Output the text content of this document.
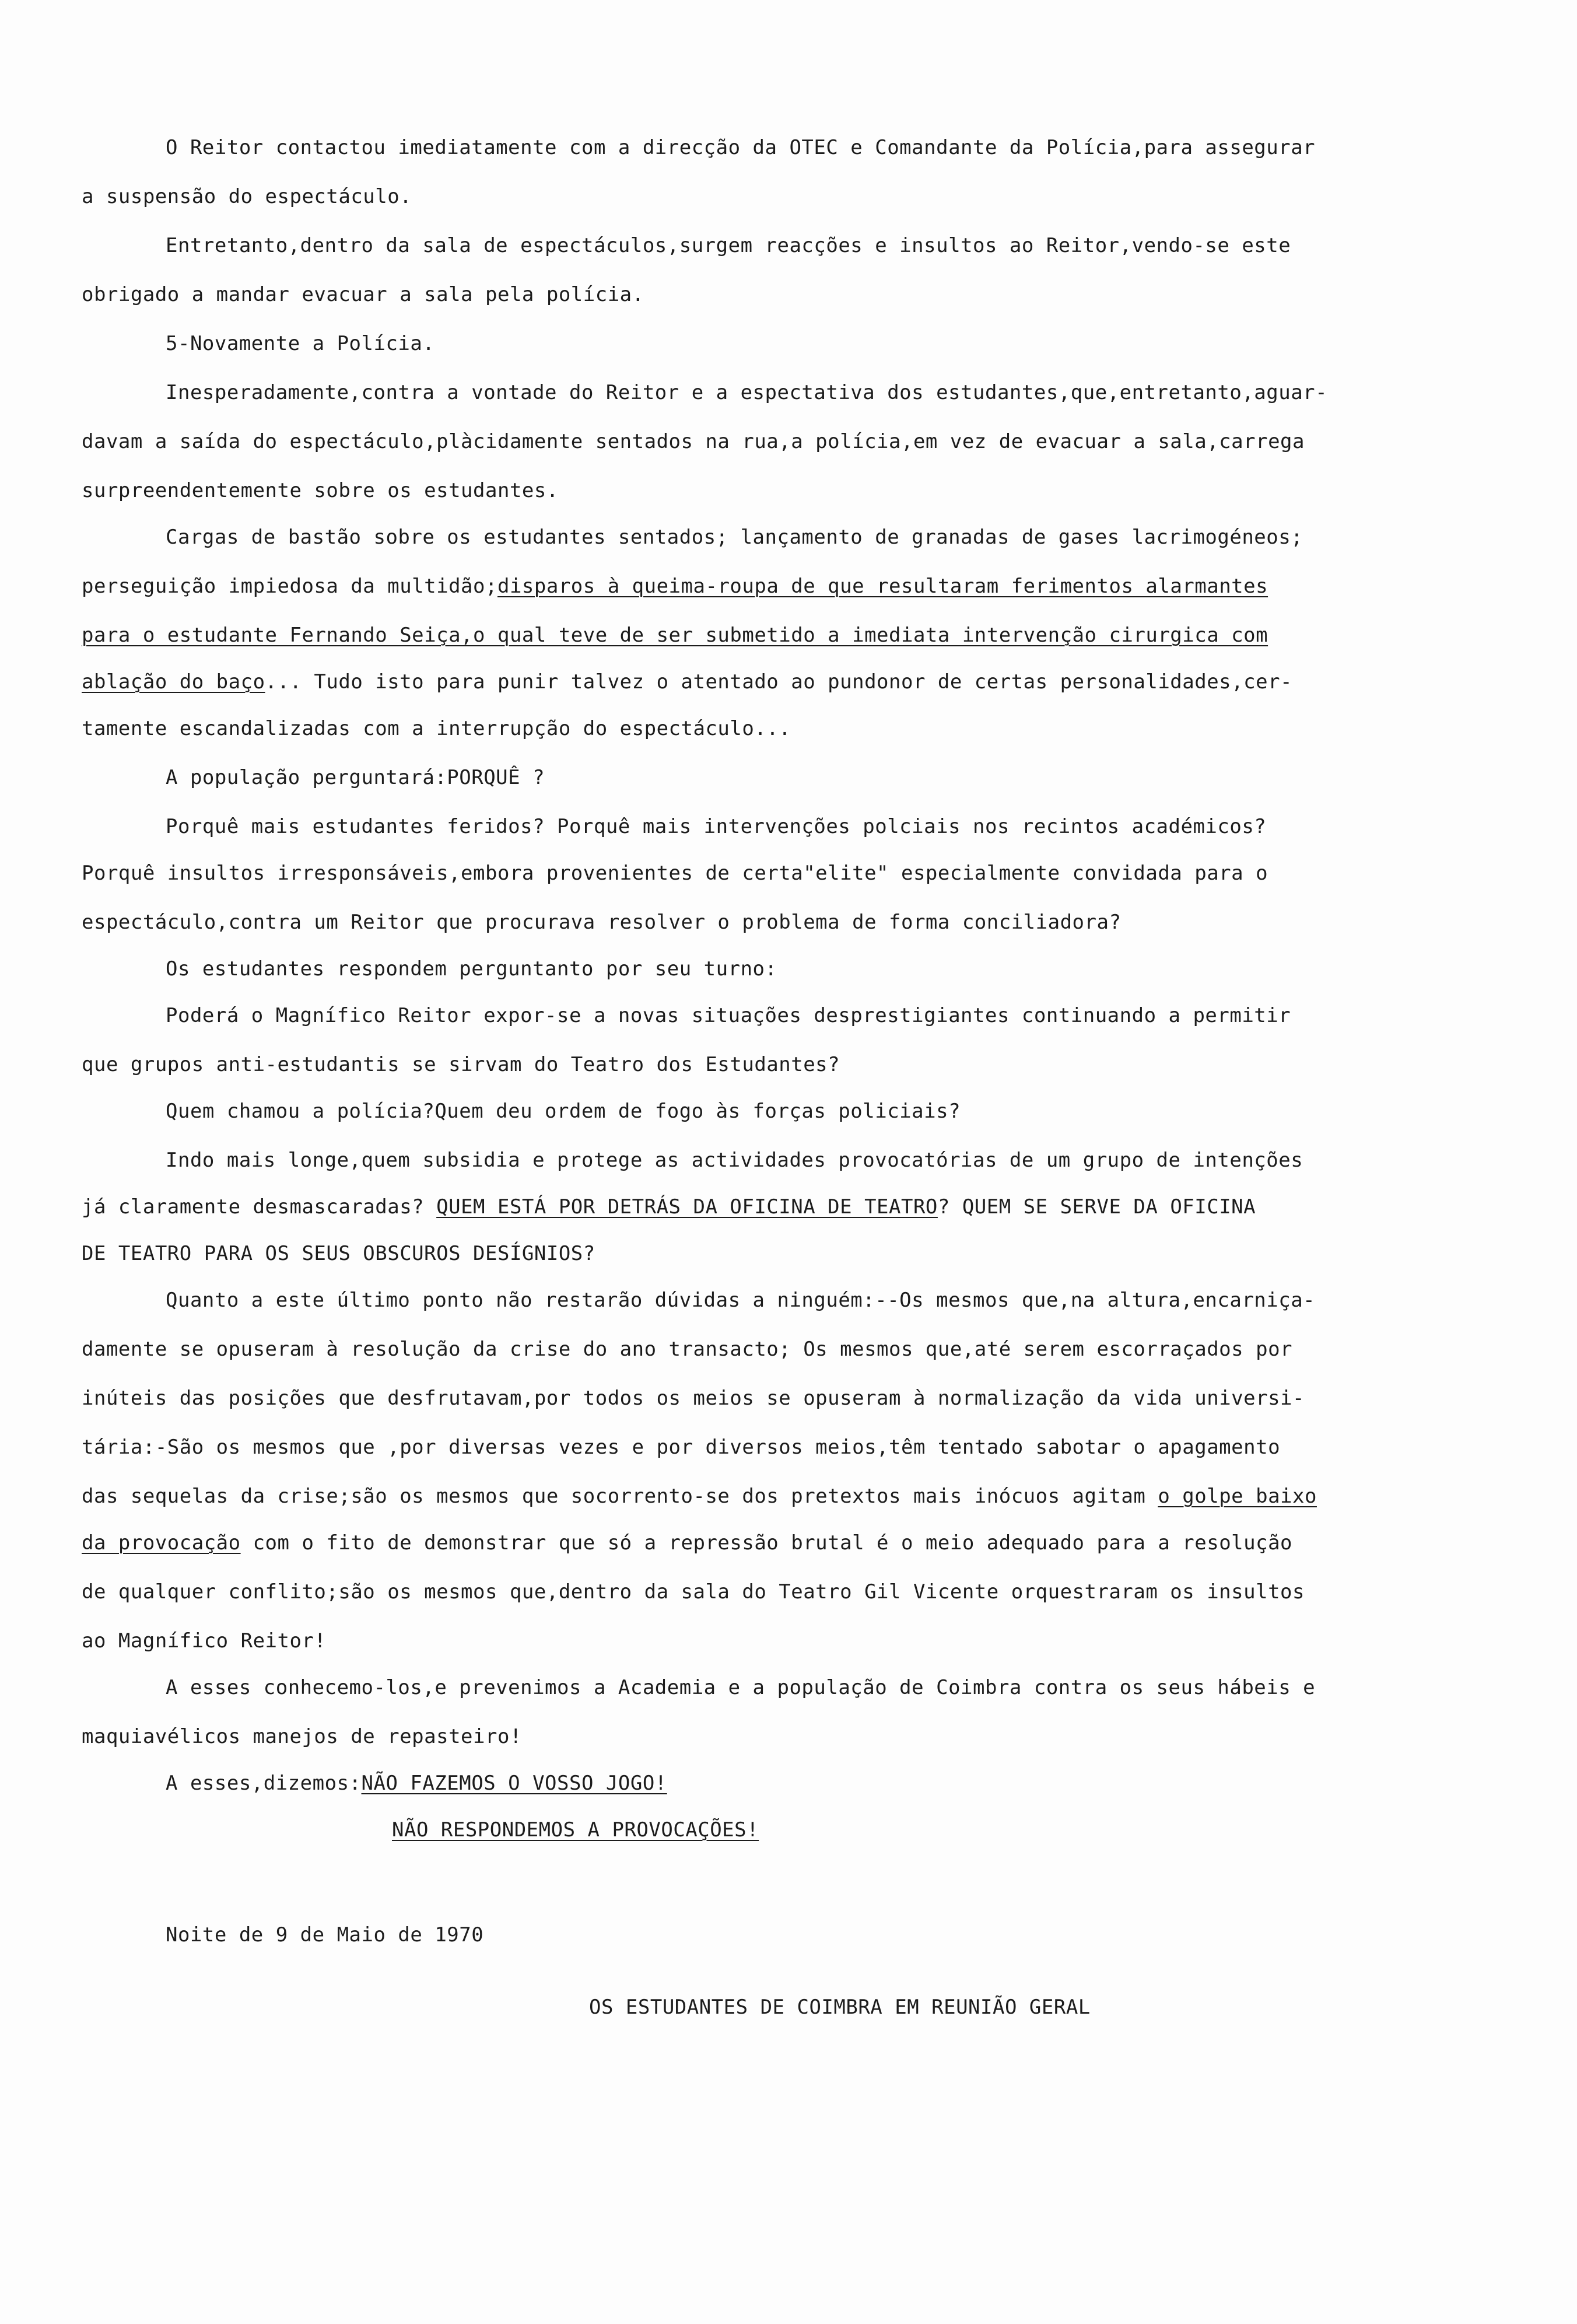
O Reitor contactou imediatamente com a direcção da OTEC e Comandante da Polícia,para assegurar
a suspensão do espectáculo.
Entretanto,dentro da sala de espectáculos,surgem reacções e insultos ao Reitor,vendo-se este
obrigado a mandar evacuar a sala pela polícia.
5-Novamente a Polícia.
Inesperadamente,contra a vontade do Reitor e a espectativa dos estudantes,que,entretanto,aguar-
davam a saída do espectáculo,plàcidamente sentados na rua,a polícia,em vez de evacuar a sala,carrega
surpreendentemente sobre os estudantes.
Cargas de bastão sobre os estudantes sentados; lançamento de granadas de gases lacrimogéneos;
perseguição impiedosa da multidão;disparos à queima-roupa de que resultaram ferimentos alarmantes
para o estudante Fernando Seiça,o qual teve de ser submetido a imediata intervenção cirurgica com
ablação do baço... Tudo isto para punir talvez o atentado ao pundonor de certas personalidades,cer-
tamente escandalizadas com a interrupção do espectáculo...
A população perguntará:PORQUÊ ?
Porquê mais estudantes feridos? Porquê mais intervenções polciais nos recintos académicos?
Porquê insultos irresponsáveis,embora provenientes de certa"elite" especialmente convidada para o
espectáculo,contra um Reitor que procurava resolver o problema de forma conciliadora?
Os estudantes respondem perguntanto por seu turno:
Poderá o Magnífico Reitor expor-se a novas situações desprestigiantes continuando a permitir
que grupos anti-estudantis se sirvam do Teatro dos Estudantes?
Quem chamou a polícia?Quem deu ordem de fogo às forças policiais?
Indo mais longe,quem subsidia e protege as actividades provocatórias de um grupo de intenções
já claramente desmascaradas? QUEM ESTÁ POR DETRÁS DA OFICINA DE TEATRO? QUEM SE SERVE DA OFICINA
DE TEATRO PARA OS SEUS OBSCUROS DESÍGNIOS?
Quanto a este último ponto não restarão dúvidas a ninguém:--Os mesmos que,na altura,encarniça-
damente se opuseram à resolução da crise do ano transacto; Os mesmos que,até serem escorraçados por
inúteis das posições que desfrutavam,por todos os meios se opuseram à normalização da vida universi-
tária:-São os mesmos que ,por diversas vezes e por diversos meios,têm tentado sabotar o apagamento
das sequelas da crise;são os mesmos que socorrento-se dos pretextos mais inócuos agitam o golpe baixo
da provocação com o fito de demonstrar que só a repressão brutal é o meio adequado para a resolução
de qualquer conflito;são os mesmos que,dentro da sala do Teatro Gil Vicente orquestraram os insultos
ao Magnífico Reitor!
A esses conhecemo-los,e prevenimos a Academia e a população de Coimbra contra os seus hábeis e
maquiavélicos manejos de repasteiro!
A esses,dizemos:NÃO FAZEMOS O VOSSO JOGO!
NÃO RESPONDEMOS A PROVOCAÇÕES!
Noite de 9 de Maio de 1970
OS ESTUDANTES DE COIMBRA EM REUNIÃO GERAL
